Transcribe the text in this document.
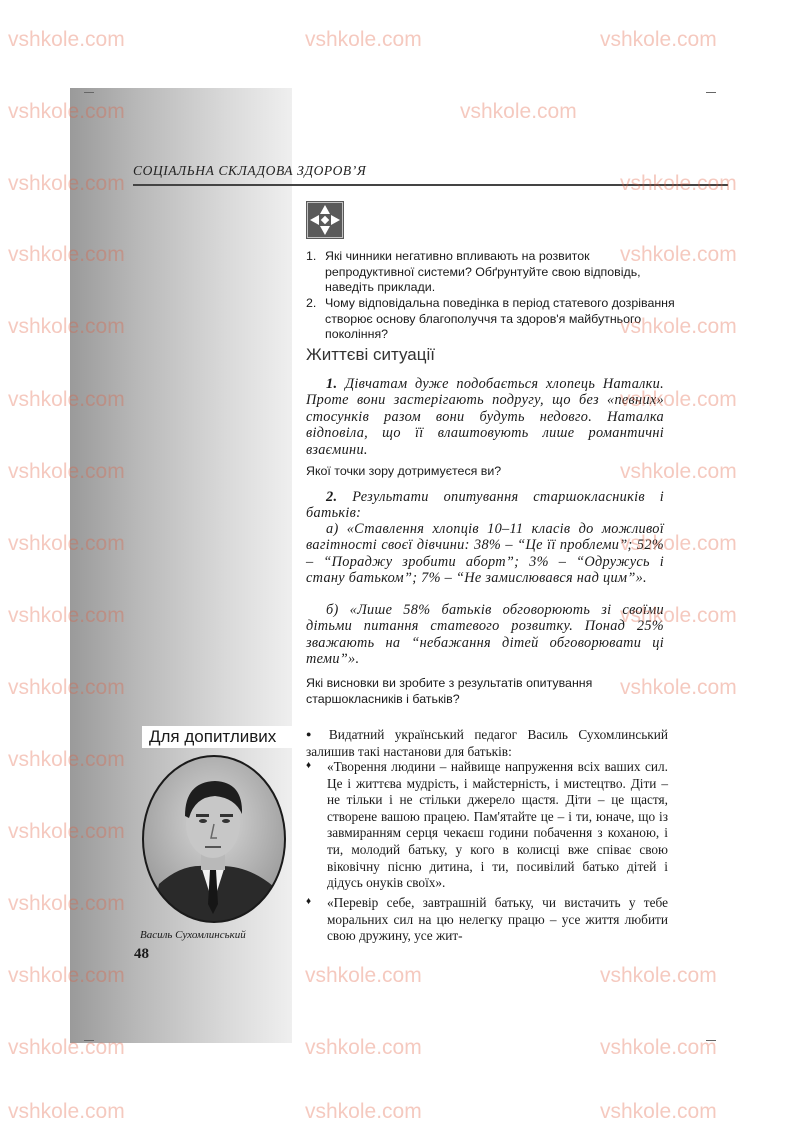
СОЦІАЛЬНА СКЛАДОВА ЗДОРОВ’Я
1. Які чинники негативно впливають на розвиток репродуктивної системи? Обґрунтуйте свою відповідь, наведіть приклади.
2. Чому відповідальна поведінка в період статевого дозрівання створює основу благополуччя та здоров'я майбутнього покоління?
Життєві ситуації
1. Дівчатам дуже подобається хлопець Наталки. Проте вони застерігають подругу, що без «певних» стосунків разом вони будуть недовго. Наталка відповіла, що її влаштовують лише романтичні взаємини.
Якої точки зору дотримуєтеся ви?
2. Результати опитування старшокласників і батьків:
а) «Ставлення хлопців 10–11 класів до можливої вагітності своєї дівчини: 38% – “Це її проблеми”; 52% – “Пораджу зробити аборт”; 3% – “Одружусь і стану батьком”; 7% – “Не замислювався над цим”».
б) «Лише 58% батьків обговорюють зі своїми дітьми питання статевого розвитку. Понад 25% зважають на “небажання дітей обговорювати ці теми”».
Які висновки ви зробите з результатів опитування старшокласників і батьків?
Для допитливих
Василь Сухомлинський
48
● Видатний український педагог Василь Сухомлинський залишив такі настанови для батьків:
♦ «Творення людини – найвище напруження всіх ваших сил. Це і життєва мудрість, і майстерність, і мистецтво. Діти – не тільки і не стільки джерело щастя. Діти – це щастя, створене вашою працею. Пам'ятайте це – і ти, юначе, що із завмиранням серця чекаєш години побачення з коханою, і ти, молодий батьку, у кого в колисці вже співає свою віковічну пісню дитина, і ти, посивілий батько дітей і дідусь онуків своїх».
♦ «Перевір себе, завтрашній батьку, чи вистачить у тебе моральних сил на цю нелегку працю – усе життя любити свою дружину, усе жит-
vshkole.com	vshkole.com	vshkole.com
vshkole.com	vshkole.com
vshkole.com	vshkole.com
vshkole.com	vshkole.com
vshkole.com	vshkole.com
vshkole.com	vshkole.com
vshkole.com	vshkole.com
vshkole.com	vshkole.com
vshkole.com	vshkole.com
vshkole.com	vshkole.com
vshkole.com
vshkole.com
vshkole.com
vshkole.com	vshkole.com	vshkole.com
vshkole.com	vshkole.com	vshkole.com
vshkole.com	vshkole.com	vshkole.com
